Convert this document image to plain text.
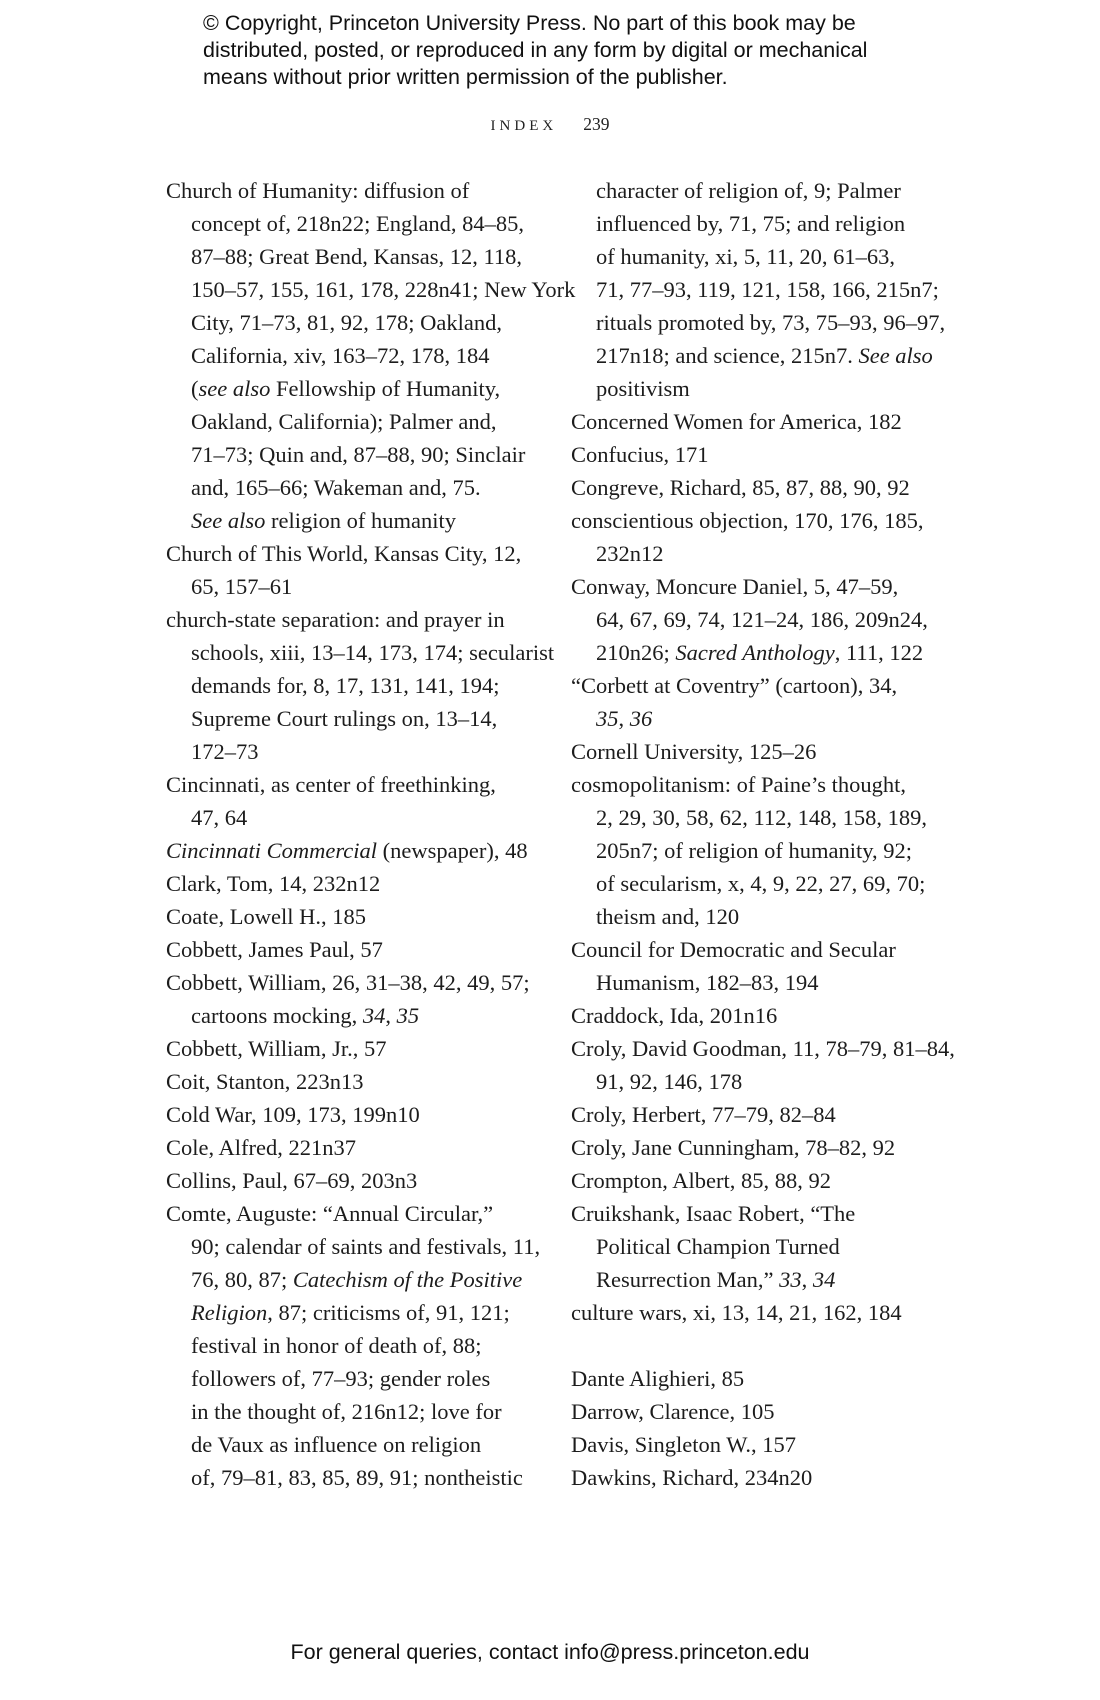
© Copyright, Princeton University Press. No part of this book may be
distributed, posted, or reproduced in any form by digital or mechanical
means without prior written permission of the publisher.
INDEX 239
Church of Humanity: diffusion of
concept of, 218n22; England, 84–85,
87–88; Great Bend, Kansas, 12, 118,
150–57, 155, 161, 178, 228n41; New York
City, 71–73, 81, 92, 178; Oakland,
California, xiv, 163–72, 178, 184
(see also Fellowship of Humanity,
Oakland, California); Palmer and,
71–73; Quin and, 87–88, 90; Sinclair
and, 165–66; Wakeman and, 75.
See also religion of humanity
Church of This World, Kansas City, 12,
65, 157–61
church-state separation: and prayer in
schools, xiii, 13–14, 173, 174; secularist
demands for, 8, 17, 131, 141, 194;
Supreme Court rulings on, 13–14,
172–73
Cincinnati, as center of freethinking,
47, 64
Cincinnati Commercial (newspaper), 48
Clark, Tom, 14, 232n12
Coate, Lowell H., 185
Cobbett, James Paul, 57
Cobbett, William, 26, 31–38, 42, 49, 57;
cartoons mocking, 34, 35
Cobbett, William, Jr., 57
Coit, Stanton, 223n13
Cold War, 109, 173, 199n10
Cole, Alfred, 221n37
Collins, Paul, 67–69, 203n3
Comte, Auguste: “Annual Circular,”
90; calendar of saints and festivals, 11,
76, 80, 87; Catechism of the Positive
Religion, 87; criticisms of, 91, 121;
festival in honor of death of, 88;
followers of, 77–93; gender roles
in the thought of, 216n12; love for
de Vaux as influence on religion
of, 79–81, 83, 85, 89, 91; nontheistic
character of religion of, 9; Palmer
influenced by, 71, 75; and religion
of humanity, xi, 5, 11, 20, 61–63,
71, 77–93, 119, 121, 158, 166, 215n7;
rituals promoted by, 73, 75–93, 96–97,
217n18; and science, 215n7. See also
positivism
Concerned Women for America, 182
Confucius, 171
Congreve, Richard, 85, 87, 88, 90, 92
conscientious objection, 170, 176, 185,
232n12
Conway, Moncure Daniel, 5, 47–59,
64, 67, 69, 74, 121–24, 186, 209n24,
210n26; Sacred Anthology, 111, 122
“Corbett at Coventry” (cartoon), 34,
35, 36
Cornell University, 125–26
cosmopolitanism: of Paine’s thought,
2, 29, 30, 58, 62, 112, 148, 158, 189,
205n7; of religion of humanity, 92;
of secularism, x, 4, 9, 22, 27, 69, 70;
theism and, 120
Council for Democratic and Secular
Humanism, 182–83, 194
Craddock, Ida, 201n16
Croly, David Goodman, 11, 78–79, 81–84,
91, 92, 146, 178
Croly, Herbert, 77–79, 82–84
Croly, Jane Cunningham, 78–82, 92
Crompton, Albert, 85, 88, 92
Cruikshank, Isaac Robert, “The
Political Champion Turned
Resurrection Man,” 33, 34
culture wars, xi, 13, 14, 21, 162, 184
Dante Alighieri, 85
Darrow, Clarence, 105
Davis, Singleton W., 157
Dawkins, Richard, 234n20
For general queries, contact info@press.princeton.edu
